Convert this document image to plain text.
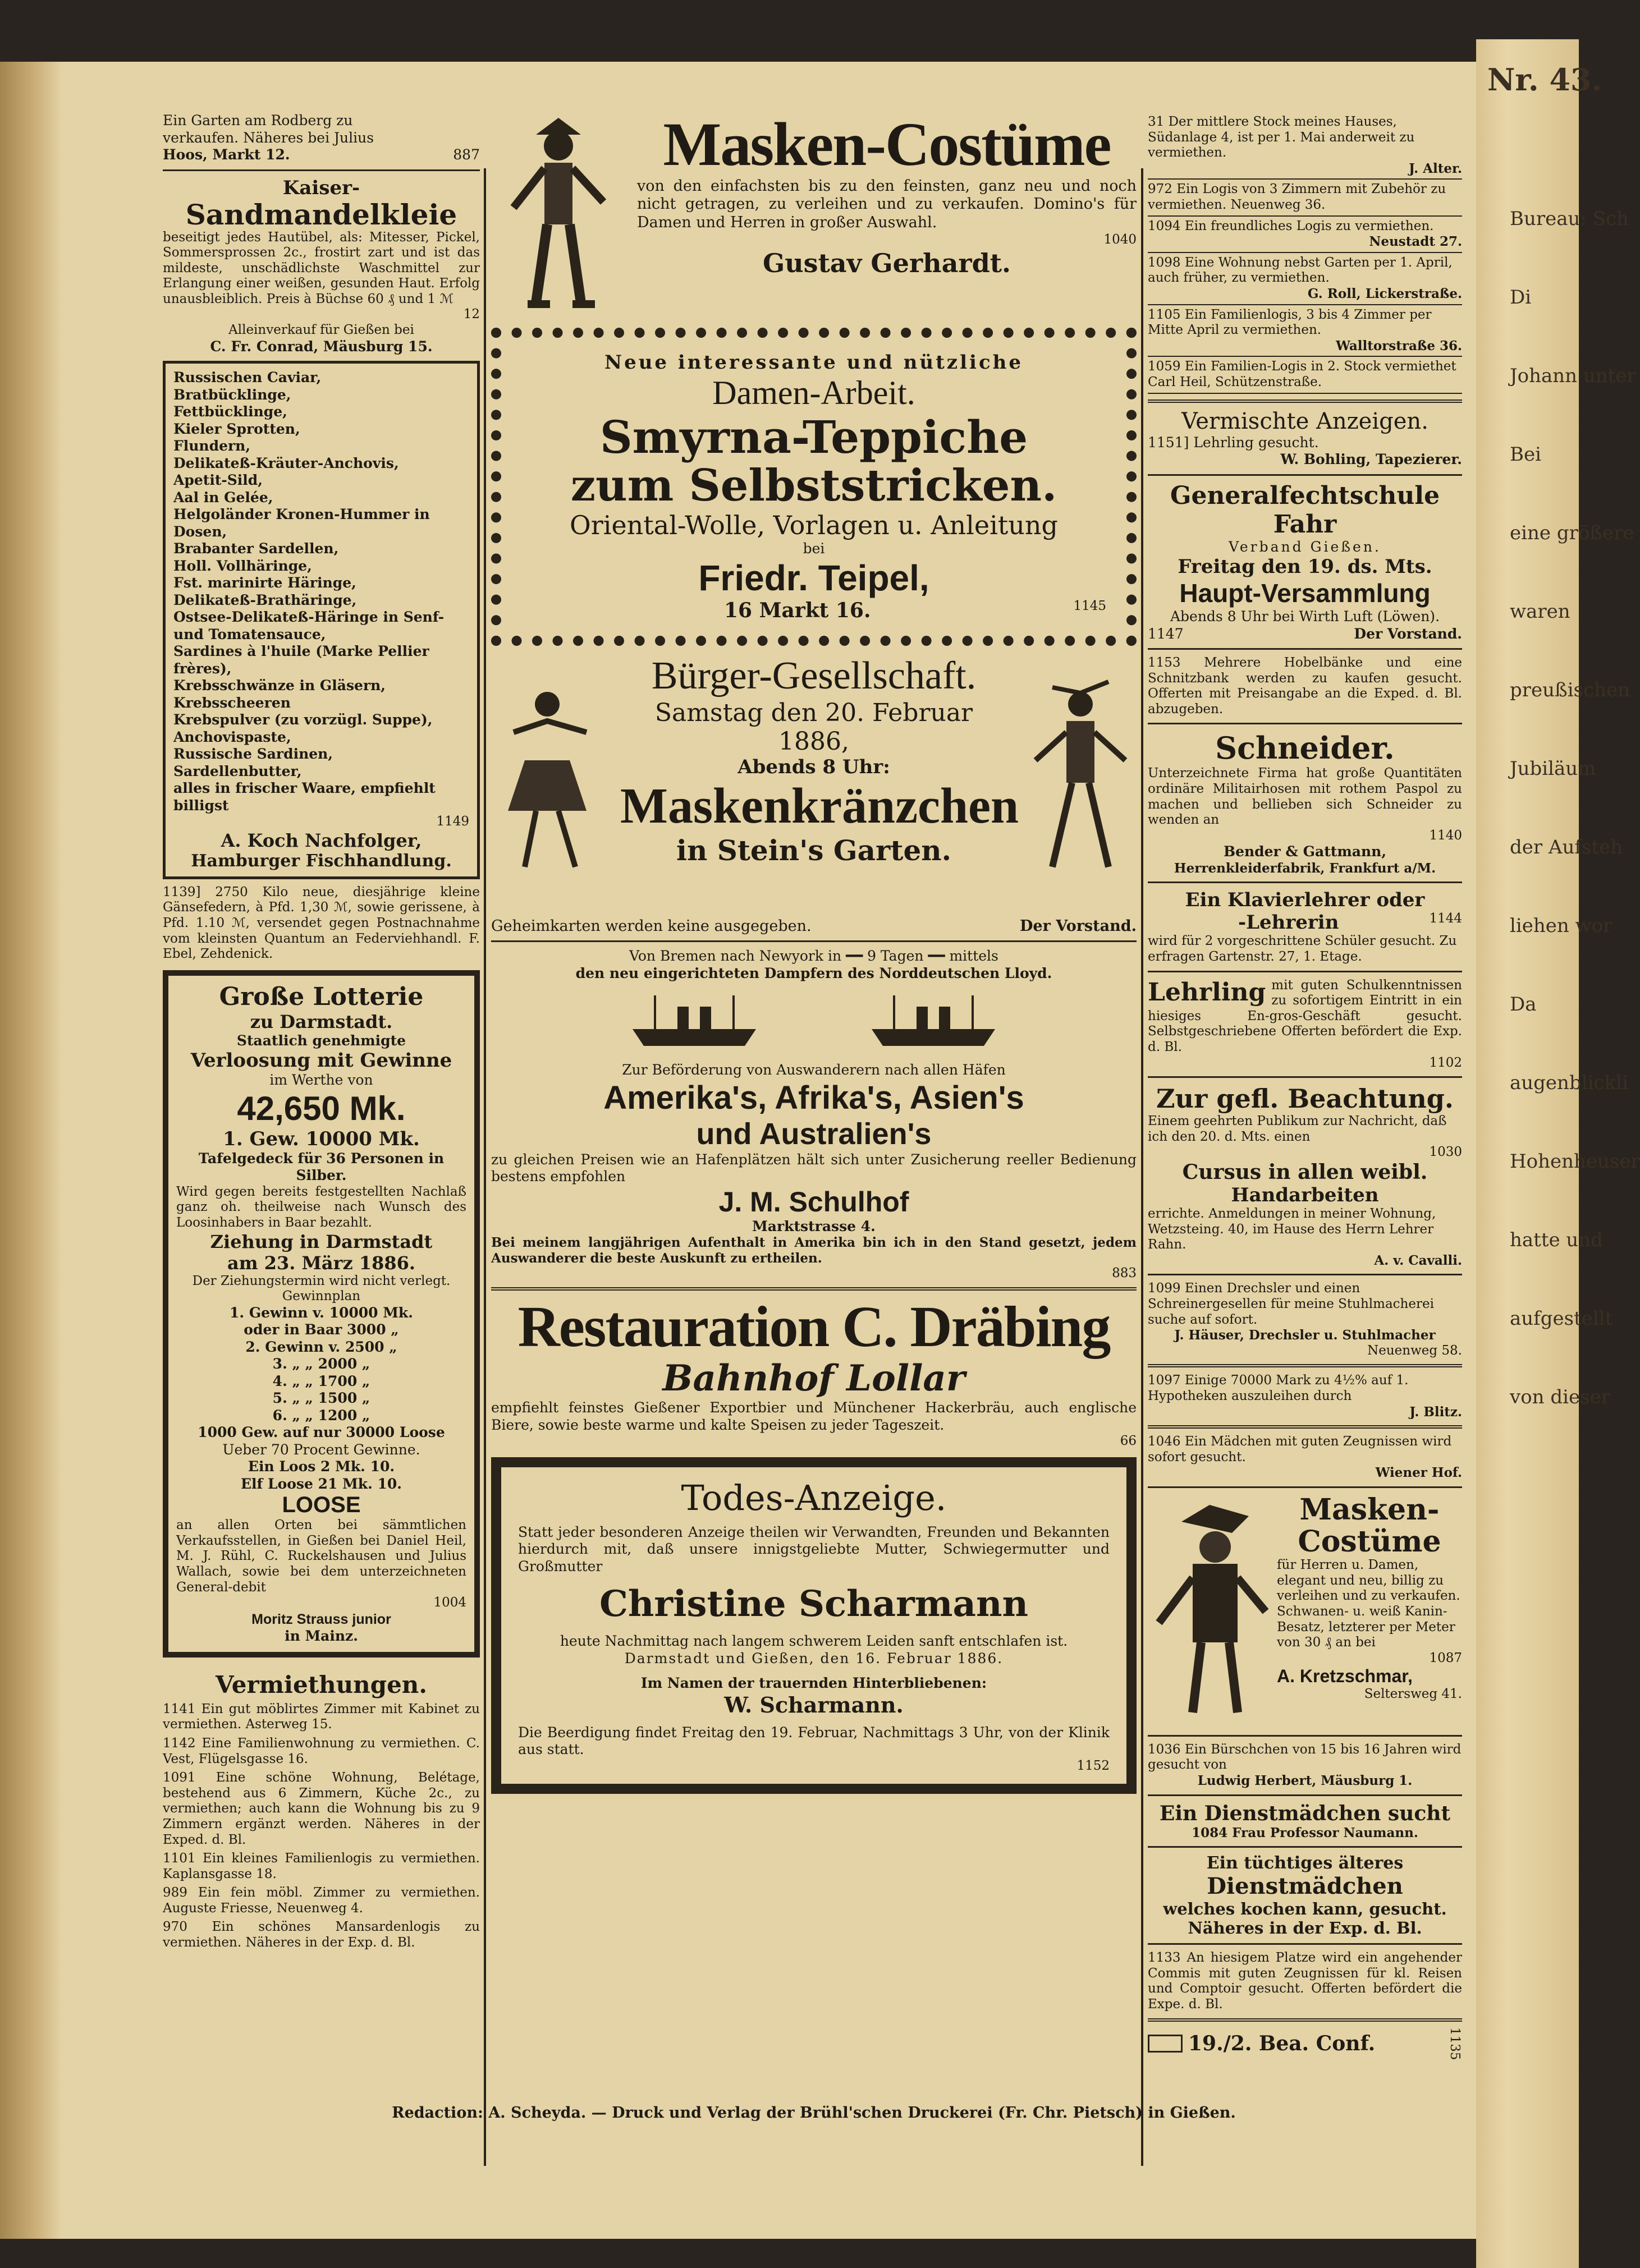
Ein Garten am Rodberg zu
verkaufen. Näheres bei Julius
Hoos, Markt 12.	887
Kaiser-
Sandmandelkleie
beseitigt jedes Hautübel, als: Mitesser, Pickel, Sommersprossen 2c., frostirt zart und ist das mildeste, unschädlichste Waschmittel zur Erlangung einer weißen, gesunden Haut. Erfolg unausbleiblich. Preis à Büchse 60 ₰ und 1 ℳ
12
Alleinverkauf für Gießen bei
C. Fr. Conrad, Mäusburg 15.
Russischen Caviar,
Bratbücklinge,
Fettbücklinge,
Kieler Sprotten,
Flundern,
Delikateß-Kräuter-Anchovis,
Apetit-Sild,
Aal in Gelée,
Helgoländer Kronen-Hummer in Dosen,
Brabanter Sardellen,
Holl. Vollhäringe,
Fst. marinirte Häringe,
Delikateß-Brathäringe,
Ostsee-Delikateß-Häringe in Senf- und Tomatensauce,
Sardines à l'huile (Marke Pellier frères),
Krebsschwänze in Gläsern,
Krebsscheeren
Krebspulver (zu vorzügl. Suppe),
Anchovispaste,
Russische Sardinen,
Sardellenbutter,
alles in frischer Waare, empfiehlt billigst
1149
A. Koch Nachfolger,
Hamburger Fischhandlung.
1139] 2750 Kilo neue, diesjährige kleine Gänsefedern, à Pfd. 1,30 ℳ, sowie gerissene, à Pfd. 1.10 ℳ, versendet gegen Postnachnahme vom kleinsten Quantum an Federviehhandl. F. Ebel, Zehdenick.
Große Lotterie
zu Darmstadt.
Staatlich genehmigte
Verloosung mit Gewinne
im Werthe von
42,650 Mk.
1. Gew. 10000 Mk.
Tafelgedeck für 36 Personen in Silber.
Wird gegen bereits festgestellten Nachlaß ganz oh. theilweise nach Wunsch des Loosinhabers in Baar bezahlt.
Ziehung in Darmstadt
am 23. März 1886.
Der Ziehungstermin wird nicht verlegt.
Gewinnplan
1. Gewinn v. 10000 Mk.
oder in Baar 3000 „
2. Gewinn v. 2500 „
3. „ „ 2000 „
4. „ „ 1700 „
5. „ „ 1500 „
6. „ „ 1200 „
1000 Gew. auf nur 30000 Loose
Ueber 70 Procent Gewinne.
Ein Loos 2 Mk. 10.
Elf Loose 21 Mk. 10.
LOOSE
an allen Orten bei sämmtlichen Verkaufsstellen, in Gießen bei Daniel Heil, M. J. Rühl, C. Ruckelshausen und Julius Wallach, sowie bei dem unterzeichneten General-debit
1004
Moritz Strauss junior
in Mainz.
Vermiethungen.
1141 Ein gut möblirtes Zimmer mit Kabinet zu vermiethen. Asterweg 15.
1142 Eine Familienwohnung zu vermiethen. C. Vest, Flügelsgasse 16.
1091 Eine schöne Wohnung, Belétage, bestehend aus 6 Zimmern, Küche 2c., zu vermiethen; auch kann die Wohnung bis zu 9 Zimmern ergänzt werden. Näheres in der Exped. d. Bl.
1101 Ein kleines Familienlogis zu vermiethen. Kaplansgasse 18.
989 Ein fein möbl. Zimmer zu vermiethen. Auguste Friesse, Neuenweg 4.
970 Ein schönes Mansardenlogis zu vermiethen. Näheres in der Exp. d. Bl.
Masken-Costüme
von den einfachsten bis zu den feinsten, ganz neu und noch nicht getragen, zu verleihen und zu verkaufen. Domino's für Damen und Herren in großer Auswahl.
1040
Gustav Gerhardt.
Neue interessante und nützliche
Damen-Arbeit.
Smyrna-Teppiche
zum Selbststricken.
Oriental-Wolle, Vorlagen u. Anleitung
bei
Friedr. Teipel,
16 Markt 16.	1145
Bürger-Gesellschaft.
Samstag den 20. Februar 1886,
Abends 8 Uhr:
Maskenkränzchen
in Stein's Garten.
Geheimkarten werden keine ausgegeben.	Der Vorstand.
Von Bremen nach Newyork in ━━ 9 Tagen ━━ mittels
den neu eingerichteten Dampfern des Norddeutschen Lloyd.

Zur Beförderung von Auswanderern nach allen Häfen
Amerika's, Afrika's, Asien's
und Australien's
zu gleichen Preisen wie an Hafenplätzen hält sich unter Zusicherung reeller Bedienung bestens empfohlen
J. M. Schulhof
Marktstrasse 4.
Bei meinem langjährigen Aufenthalt in Amerika bin ich in den Stand gesetzt, jedem Auswanderer die beste Auskunft zu ertheilen.
883
Restauration C. Dräbing
Bahnhof Lollar
empfiehlt feinstes Gießener Exportbier und Münchener Hackerbräu, auch englische Biere, sowie beste warme und kalte Speisen zu jeder Tageszeit.
66
Todes-Anzeige.
Statt jeder besonderen Anzeige theilen wir Verwandten, Freunden und Bekannten hierdurch mit, daß unsere innigstgeliebte Mutter, Schwiegermutter und Großmutter
Christine Scharmann
heute Nachmittag nach langem schwerem Leiden sanft entschlafen ist.
Darmstadt und Gießen, den 16. Februar 1886.
Im Namen der trauernden Hinterbliebenen:
W. Scharmann.
Die Beerdigung findet Freitag den 19. Februar, Nachmittags 3 Uhr, von der Klinik aus statt.
1152
31 Der mittlere Stock meines Hauses, Südanlage 4, ist per 1. Mai anderweit zu vermiethen.
J. Alter.
972 Ein Logis von 3 Zimmern mit Zubehör zu vermiethen. Neuenweg 36.
1094 Ein freundliches Logis zu vermiethen.
Neustadt 27.
1098 Eine Wohnung nebst Garten per 1. April, auch früher, zu vermiethen.
G. Roll, Lickerstraße.
1105 Ein Familienlogis, 3 bis 4 Zimmer per Mitte April zu vermiethen.
Walltorstraße 36.
1059 Ein Familien-Logis in 2. Stock vermiethet Carl Heil, Schützenstraße.
Vermischte Anzeigen.
1151] Lehrling gesucht.
W. Bohling, Tapezierer.
Generalfechtschule Fahr
Verband Gießen.
Freitag den 19. ds. Mts.
Haupt-Versammlung
Abends 8 Uhr bei Wirth Luft (Löwen).
1147	Der Vorstand.
1153 Mehrere Hobelbänke und eine Schnitzbank werden zu kaufen gesucht. Offerten mit Preisangabe an die Exped. d. Bl. abzugeben.
Schneider.
Unterzeichnete Firma hat große Quantitäten ordinäre Militairhosen mit rothem Paspol zu machen und bellieben sich Schneider zu wenden an
1140
Bender & Gattmann,
Herrenkleiderfabrik, Frankfurt a/M.
Ein Klavierlehrer oder
-Lehrerin	1144
wird für 2 vorgeschrittene Schüler gesucht. Zu erfragen Gartenstr. 27, 1. Etage.
Lehrling mit guten Schulkenntnissen zu sofortigem Eintritt in ein hiesiges En-gros-Geschäft gesucht. Selbstgeschriebene Offerten befördert die Exp. d. Bl.
1102
Zur gefl. Beachtung.
Einem geehrten Publikum zur Nachricht, daß ich den 20. d. Mts. einen
1030
Cursus in allen weibl.
Handarbeiten
errichte. Anmeldungen in meiner Wohnung, Wetzsteing. 40, im Hause des Herrn Lehrer Rahn.
A. v. Cavalli.
1099 Einen Drechsler und einen Schreinergesellen für meine Stuhlmacherei suche auf sofort.
J. Häuser, Drechsler u. Stuhlmacher
Neuenweg 58.
1097 Einige 70000 Mark zu 4½% auf 1. Hypotheken auszuleihen durch
J. Blitz.
1046 Ein Mädchen mit guten Zeugnissen wird sofort gesucht.
Wiener Hof.
Masken-
Costüme
für Herren u. Damen, elegant und neu, billig zu verleihen und zu verkaufen. Schwanen- u. weiß Kanin-Besatz, letzterer per Meter von 30 ₰ an bei
1087
A. Kretzschmar,
Seltersweg 41.
1036 Ein Bürschchen von 15 bis 16 Jahren wird gesucht von
Ludwig Herbert, Mäusburg 1.
Ein Dienstmädchen sucht
1084 Frau Professor Naumann.
Ein tüchtiges älteres
Dienstmädchen
welches kochen kann, gesucht.
Näheres in der Exp. d. Bl.
1133 An hiesigem Platze wird ein angehender Commis mit guten Zeugnissen für kl. Reisen und Comptoir gesucht. Offerten befördert die Expe. d. Bl.
19./2. Bea. Conf.	1135
Redaction: A. Scheyda. — Druck und Verlag der Brühl'schen Druckerei (Fr. Chr. Pietsch) in Gießen.
Nr. 43.
Bureau: Sch
Di
Johann unter
Bei
eine größere
waren
preußischen
Jubiläum
der Aufsteh
liehen wor
Da
augenblickli
Hohenheuser
hatte und
aufgestellt
von dieser
